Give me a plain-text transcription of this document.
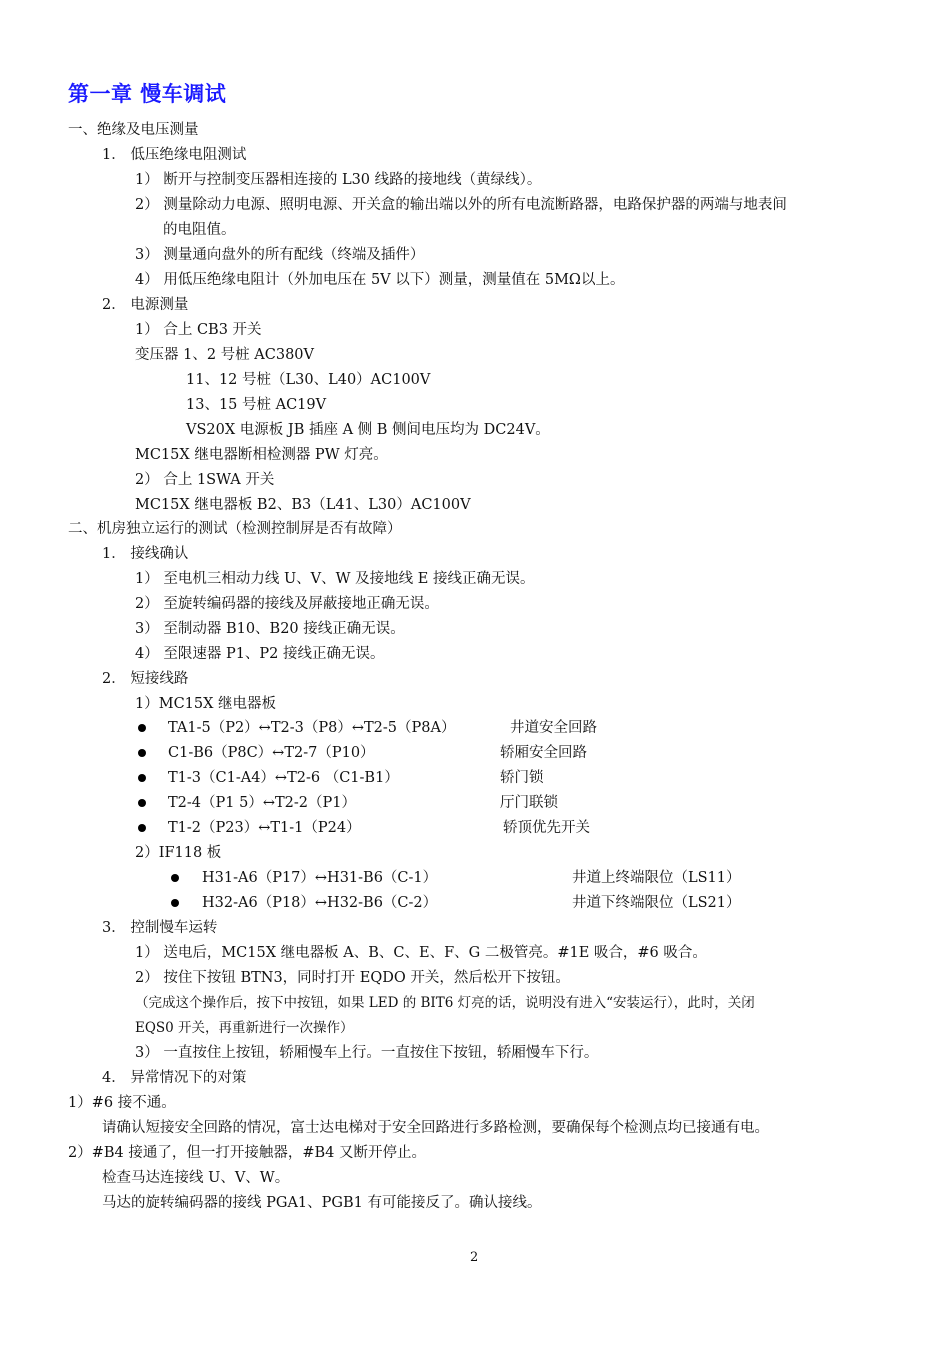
第一章 慢车调试
一、绝缘及电压测量
1． 低压绝缘电阻测试
1） 断开与控制变压器相连接的 L30 线路的接地线（黄绿线）。
2） 测量除动力电源、照明电源、开关盒的输出端以外的所有电流断路器，电路保护器的两端与地表间
的电阻值。
3） 测量通向盘外的所有配线（终端及插件）
4） 用低压绝缘电阻计（外加电压在 5V 以下）测量，测量值在 5MΩ以上。
2． 电源测量
1） 合上 CB3 开关
变压器 1、2 号桩 AC380V
11、12 号桩（L30、L40）AC100V
13、15 号桩 AC19V
VS20X 电源板 JB 插座 A 侧 B 侧间电压均为 DC24V。
MC15X 继电器断相检测器 PW 灯亮。
2） 合上 1SWA 开关
MC15X 继电器板 B2、B3（L41、L30）AC100V
二、机房独立运行的测试（检测控制屏是否有故障）
1． 接线确认
1） 至电机三相动力线 U、V、W 及接地线 E 接线正确无误。
2） 至旋转编码器的接线及屏蔽接地正确无误。
3） 至制动器 B10、B20 接线正确无误。
4） 至限速器 P1、P2 接线正确无误。
2． 短接线路
1）MC15X 继电器板
TA1-5（P2）↔T2-3（P8）↔T2-5（P8A）	井道安全回路
C1-B6（P8C）↔T2-7（P10）	轿厢安全回路
T1-3（C1-A4）↔T2-6 （C1-B1）	轿门锁
T2-4（P1 5）↔T2-2（P1）	厅门联锁
T1-2（P23）↔T1-1（P24）	轿顶优先开关
2）IF118 板
H31-A6（P17）↔H31-B6（C-1）	井道上终端限位（LS11）
H32-A6（P18）↔H32-B6（C-2）	井道下终端限位（LS21）
3． 控制慢车运转
1） 送电后，MC15X 继电器板 A、B、C、E、F、G 二极管亮。#1E 吸合，#6 吸合。
2） 按住下按钮 BTN3，同时打开 EQDO 开关，然后松开下按钮。
（完成这个操作后，按下中按钮，如果 LED 的 BIT6 灯亮的话，说明没有进入“安装运行），此时，关闭
EQS0 开关，再重新进行一次操作）
3） 一直按住上按钮，轿厢慢车上行。一直按住下按钮，轿厢慢车下行。
4． 异常情况下的对策
1）#6 接不通。
请确认短接安全回路的情况，富士达电梯对于安全回路进行多路检测，要确保每个检测点均已接通有电。
2）#B4 接通了，但一打开接触器，#B4 又断开停止。
检查马达连接线 U、V、W。
马达的旋转编码器的接线 PGA1、PGB1 有可能接反了。确认接线。
2
